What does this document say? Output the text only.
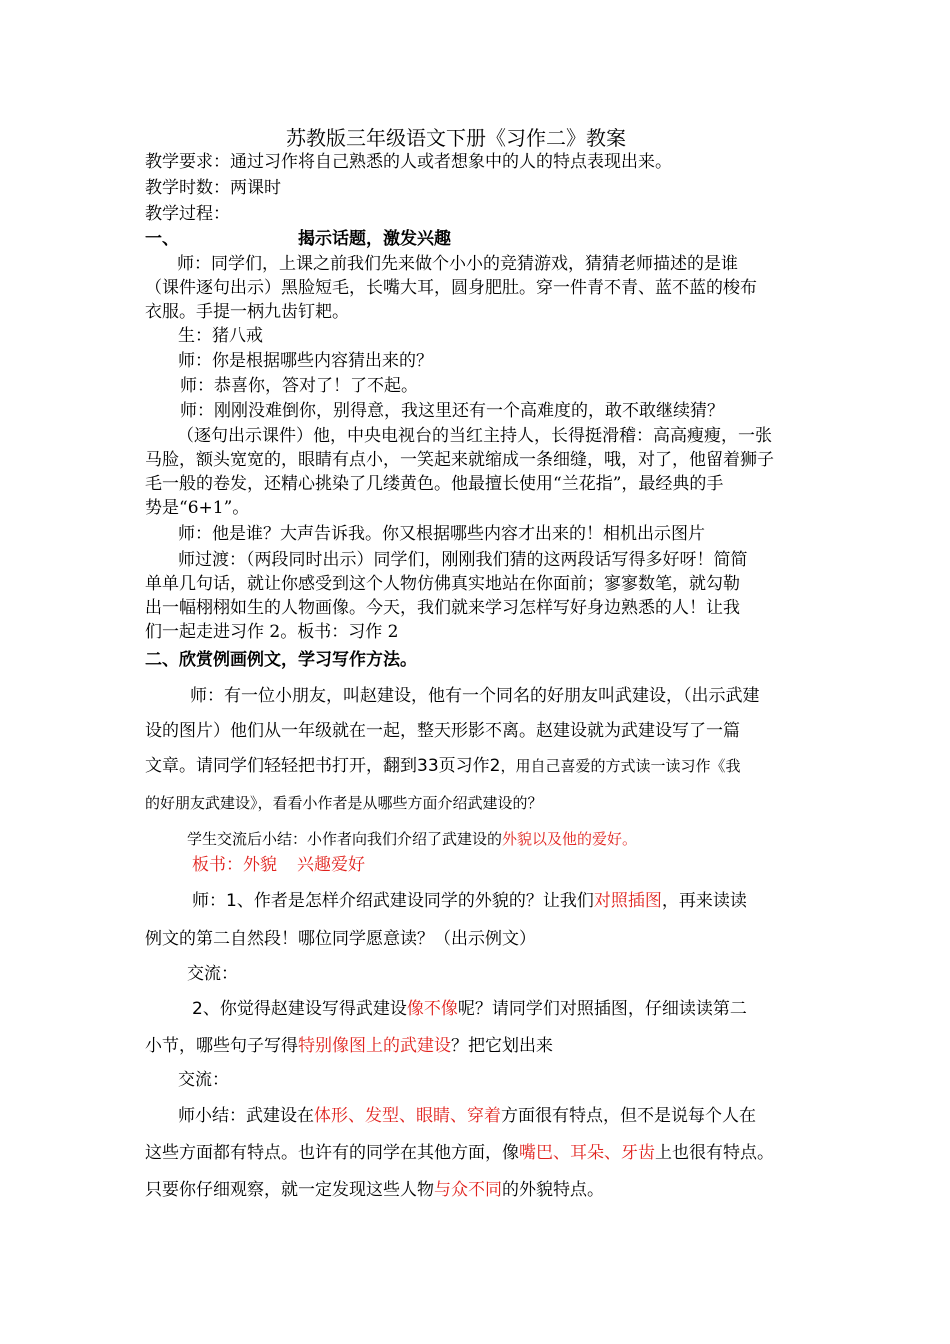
苏教版三年级语文下册《习作二》教案
教学要求：通过习作将自己熟悉的人或者想象中的人的特点表现出来。
教学时数：两课时
教学过程：
一、	揭示话题，激发兴趣
师：同学们，上课之前我们先来做个小小的竞猜游戏，猜猜老师描述的是谁
（课件逐句出示）黑脸短毛，长嘴大耳，圆身肥肚。穿一件青不青、蓝不蓝的梭布
衣服。手提一柄九齿钉耙。
生：猪八戒
师：你是根据哪些内容猜出来的？
师：恭喜你，答对了！了不起。
师：刚刚没难倒你，别得意，我这里还有一个高难度的，敢不敢继续猜？
（逐句出示课件）他，中央电视台的当红主持人，长得挺滑稽：高高瘦瘦，一张
马脸，额头宽宽的，眼睛有点小，一笑起来就缩成一条细缝，哦，对了，他留着狮子
毛一般的卷发，还精心挑染了几缕黄色。他最擅长使用“兰花指”，最经典的手
势是“6+1”。
师：他是谁？大声告诉我。你又根据哪些内容才出来的！相机出示图片
师过渡：（两段同时出示）同学们，刚刚我们猜的这两段话写得多好呀！简简
单单几句话，就让你感受到这个人物仿佛真实地站在你面前；寥寥数笔，就勾勒
出一幅栩栩如生的人物画像。今天，我们就来学习怎样写好身边熟悉的人！让我
们一起走进习作 2。板书：习作 2
二、欣赏例画例文，学习写作方法。
师：有一位小朋友，叫赵建设，他有一个同名的好朋友叫武建设，（出示武建
设的图片）他们从一年级就在一起，整天形影不离。赵建设就为武建设写了一篇
文章。请同学们轻轻把书打开，翻到33页习作2，用自己喜爱的方式读一读习作《我
的好朋友武建设》，看看小作者是从哪些方面介绍武建设的？
学生交流后小结：小作者向我们介绍了武建设的外貌以及他的爱好。
板书：外貌 兴趣爱好
师：1、作者是怎样介绍武建设同学的外貌的？让我们对照插图，再来读读
例文的第二自然段！哪位同学愿意读？（出示例文）
交流：
2、你觉得赵建设写得武建设像不像呢？请同学们对照插图，仔细读读第二
小节，哪些句子写得特别像图上的武建设？把它划出来
交流：
师小结：武建设在体形、发型、眼睛、穿着方面很有特点，但不是说每个人在
这些方面都有特点。也许有的同学在其他方面，像嘴巴、耳朵、牙齿上也很有特点。
只要你仔细观察，就一定发现这些人物与众不同的外貌特点。
